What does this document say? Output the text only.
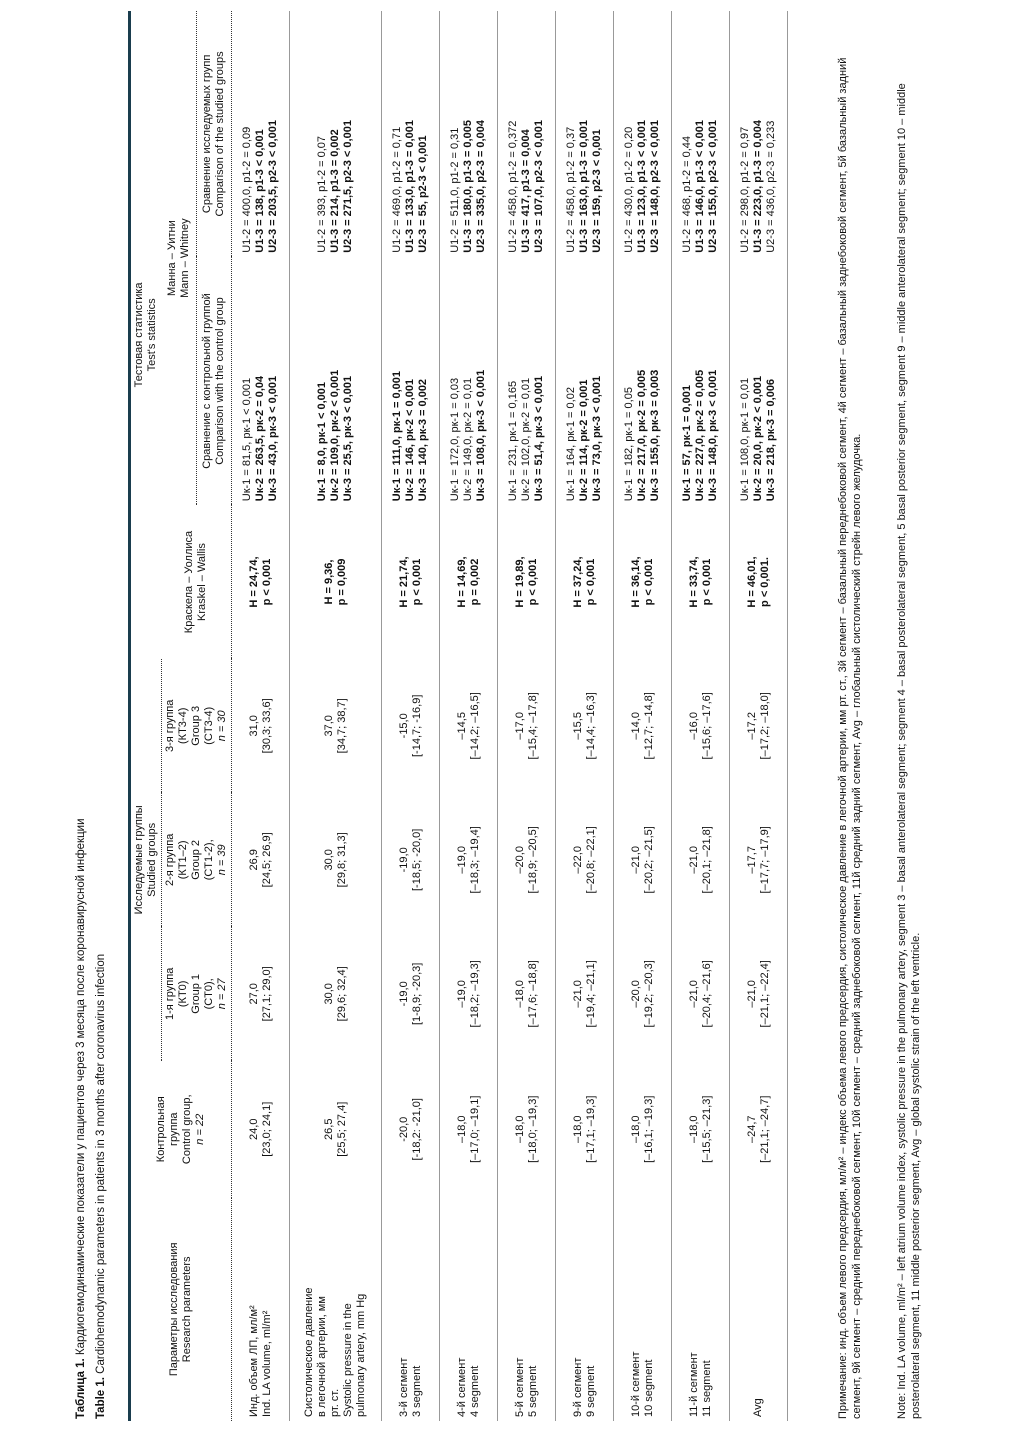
Таблица 1. Кардиогемодинамические показатели у пациентов через 3 месяца после коронавирусной инфекции
Table 1. Cardiohemodynamic parameters in patients in 3 months after coronavirus infection	Параметры исследования Research parameters	Контрольная группа Control group, n = 22	Исследуемые группы Studied groups			Тестовая статистика Test's statistics		

		1-я группа (КТ0) Group 1 (CT0), n = 27	2-я группа (КТ1–2) Group 2 (CT1-2), n = 39	3-я группа (КТ3-4) Group 3 (CT3-4) n = 30	Краскела – Уоллиса Kraskel – Wallis	Манна – Уитни Mann – Whitney	

						Сравнение с контрольной группой Comparison with the control group	Сравнение исследуемых групп Comparison of the studied groups

Инд. объем ЛП, мл/м² Ind. LA volume, ml/m²	24,0 [23,0; 24,1]	27,0 [27,1; 29,0]	26,9 [24,5; 26,9]	31,0 [30,3; 33,6]	H = 24,74, p < 0,001	Uк-1 = 81,5, pк-1 < 0,001 Uк-2 = 263,5, pк-2 = 0,04 Uк-3 = 43,0, pк-3 < 0,001	U1-2 = 400,0, p1-2 = 0,09 U1-3 = 138, p1-3 < 0,001 U2-3 = 203,5, p2-3 < 0,001

Систолическое давление в легочной артерии, мм рт. ст. Systolic pressure in the pulmonary artery, mm Hg	26,5 [25,5; 27,4]	30,0 [29,6; 32,4]	30,0 [29,8; 31,3]	37,0 [34,7; 38,7]	H = 9,36, p = 0,009	Uк-1 = 8,0, pк-1 < 0,001 Uк-2 = 109,0, pк-2 < 0,001 Uк-3 = 25,5, pк-3 < 0,001	U1-2 = 393, p1-2 = 0,07 U1-3 = 214, p1-3 = 0,002 U2-3 = 271,5, p2-3 < 0,001

3-й сегмент 3 segment	-20,0 [-18,2: -21,0]	-19,0 [1-8,9; -20,3]	-19,0 [-18,5; -20,0]	-15,0 [-14,7; -16,9]	H = 21,74, p < 0,001	Uк-1 = 111,0, pк-1 = 0,001 Uк-2 = 146, pк-2 < 0,001 Uк-3 = 140, pк-3 = 0,002	U1-2 = 469,0, p1-2 = 0,71 U1-3 = 133,0, p1-3 = 0,001 U2-3 = 55, p2-3 < 0,001

4-й сегмент 4 segment	–18,0 [–17,0; –19,1]	–19,0 [–18,2; –19,3]	–19,0 [–18,3; –19,4]	–14,5 [–14,2; –16,5]	H = 14,69, p = 0,002	Uк-1 = 172,0, pк-1 = 0,03 Uк-2 = 149,0, pк-2 = 0,01 Uк-3 = 108,0, pк-3 < 0,001	U1-2 = 511,0, p1-2 = 0,31 U1-3 = 180,0, p1-3 = 0,005 U2-3 = 335,0, p2-3 = 0,004

5-й сегмент 5 segment	–18,0 [–18,0; –19,3]	–18,0 [–17,6; –18,8]	–20,0 [–18,9; –20,5]	–17,0 [–15,4; –17,8]	H = 19,89, p < 0,001	Uк-1 = 231, pк-1 = 0,165 Uк-2 = 102,0, pк-2 = 0,01 Uк-3 = 51,4, pк-3 < 0,001	U1-2 = 458,0, p1-2 = 0,372 U1-3 = 417, p1-3 = 0,004 U2-3 = 107,0, p2-3 < 0,001

9-й сегмент 9 segment	–18,0 [–17,1; –19,3]	–21,0 [–19,4; –21,1]	–22,0 [–20,8; –22,1]	–15,5 [–14,4; –16,3]	H = 37,24, p < 0,001	Uк-1 = 164, pк-1 = 0,02 Uк-2 = 114, pк-2 = 0,001 Uк-3 = 73,0, pк-3 < 0,001	U1-2 = 458,0, p1-2 = 0,37 U1-3 = 163,0, p1-3 = 0,001 U2-3 = 159, p2-3 < 0,001

10-й сегмент 10 segment	–18,0 [–16,1; –19,3]	–20,0 [–19,2; –20,3]	–21,0 [–20,2; –21,5]	–14,0 [–12,7; –14,8]	H = 36,14, p < 0,001	Uк-1 = 182, pк-1 = 0,05 Uк-2 = 217,0, pк-2 = 0,005 Uк-3 = 155,0, pк-3 = 0,003	U1-2 = 430,0, p1-2 = 0,20 U1-3 = 123,0, p1-3 < 0,001 U2-3 = 148,0, p2-3 < 0,001

11-й сегмент 11 segment	–18,0 [–15,5; –21,3]	–21,0 [–20,4; –21,6]	–21,0 [–20,1; –21,8]	–16,0 [–15,6; –17,6]	H = 33,74, p < 0,001	Uк-1 = 57, pк-1 = 0,001 Uк-2 = 227,0, pк-2 = 0,005 Uк-3 = 148,0, pк-3 < 0,001	U1-2 = 468, p1-2 = 0,44 U1-3 = 146,0, p1-3 < 0,001 U2-3 = 155,0, p2-3 < 0,001

Avg	–24,7 [–21,1; –24,7]	–21,0 [–21,1; –22,4]	–17,7 [–17,7; –17,9]	–17,2 [–17,2; –18,0]	H = 46,01, p < 0,001.	Uк-1 = 108,0, pк-1 = 0,01 Uк-2 = 20,0, pк-2 < 0,001 Uк-3 = 218, pк-3 = 0,006	U1-2 = 298,0, p1-2 = 0,97 U1-3 = 223,0, p1-3 = 0,004 U2-3 = 436,0, p2-3 = 0,233	Примечание: инд. объем левого предсердия, мл/м² – индекс объема левого предсердия, систолическое давление в легочной артерии, мм рт. ст., 3й сегмент – базальный переднебоковой сегмент, 4й сегмент – базальный заднебоковой сегмент, 5й базальный задний сегмент, 9й сегмент – средний переднебоковой сегмент, 10й сегмент – средний заднебоковой сегмент, 11й средний задний сегмент, Avg – глобальный систолический стрейн левого желудочка.	Note: Ind. LA volume, ml/m² – left atrium volume index, systolic pressure in the pulmonary artery, segment 3 – basal anterolateral segment; segment 4 – basal posterolateral segment, 5 basal posterior segment, segment 9 – middle anterolateral segment; segment 10 – middle posterolateral segment, 11 middle posterior segment, Avg – global systolic strain of the left ventricle.
